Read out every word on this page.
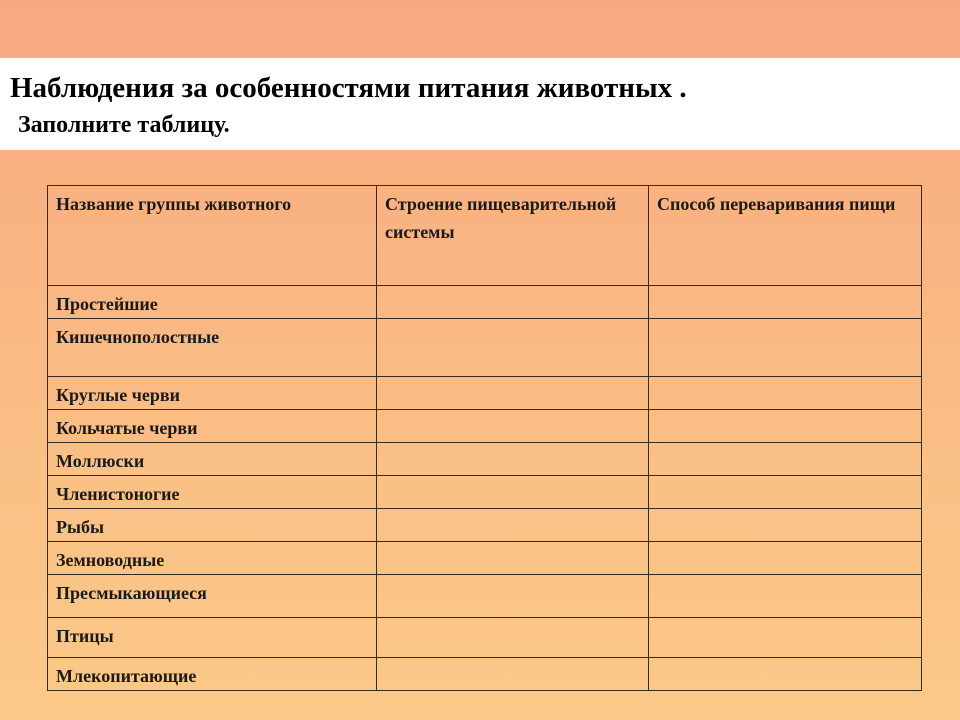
Наблюдения за особенностями питания животных .
Заполните таблицу.
Название группы животного	Строение пищеварительной системы	Способ переваривания пищи
Простейшие		
Кишечнополостные		
Круглые черви		
Кольчатые черви		
Моллюски		
Членистоногие		
Рыбы		
Земноводные		
Пресмыкающиеся		
Птицы		
Млекопитающие		
